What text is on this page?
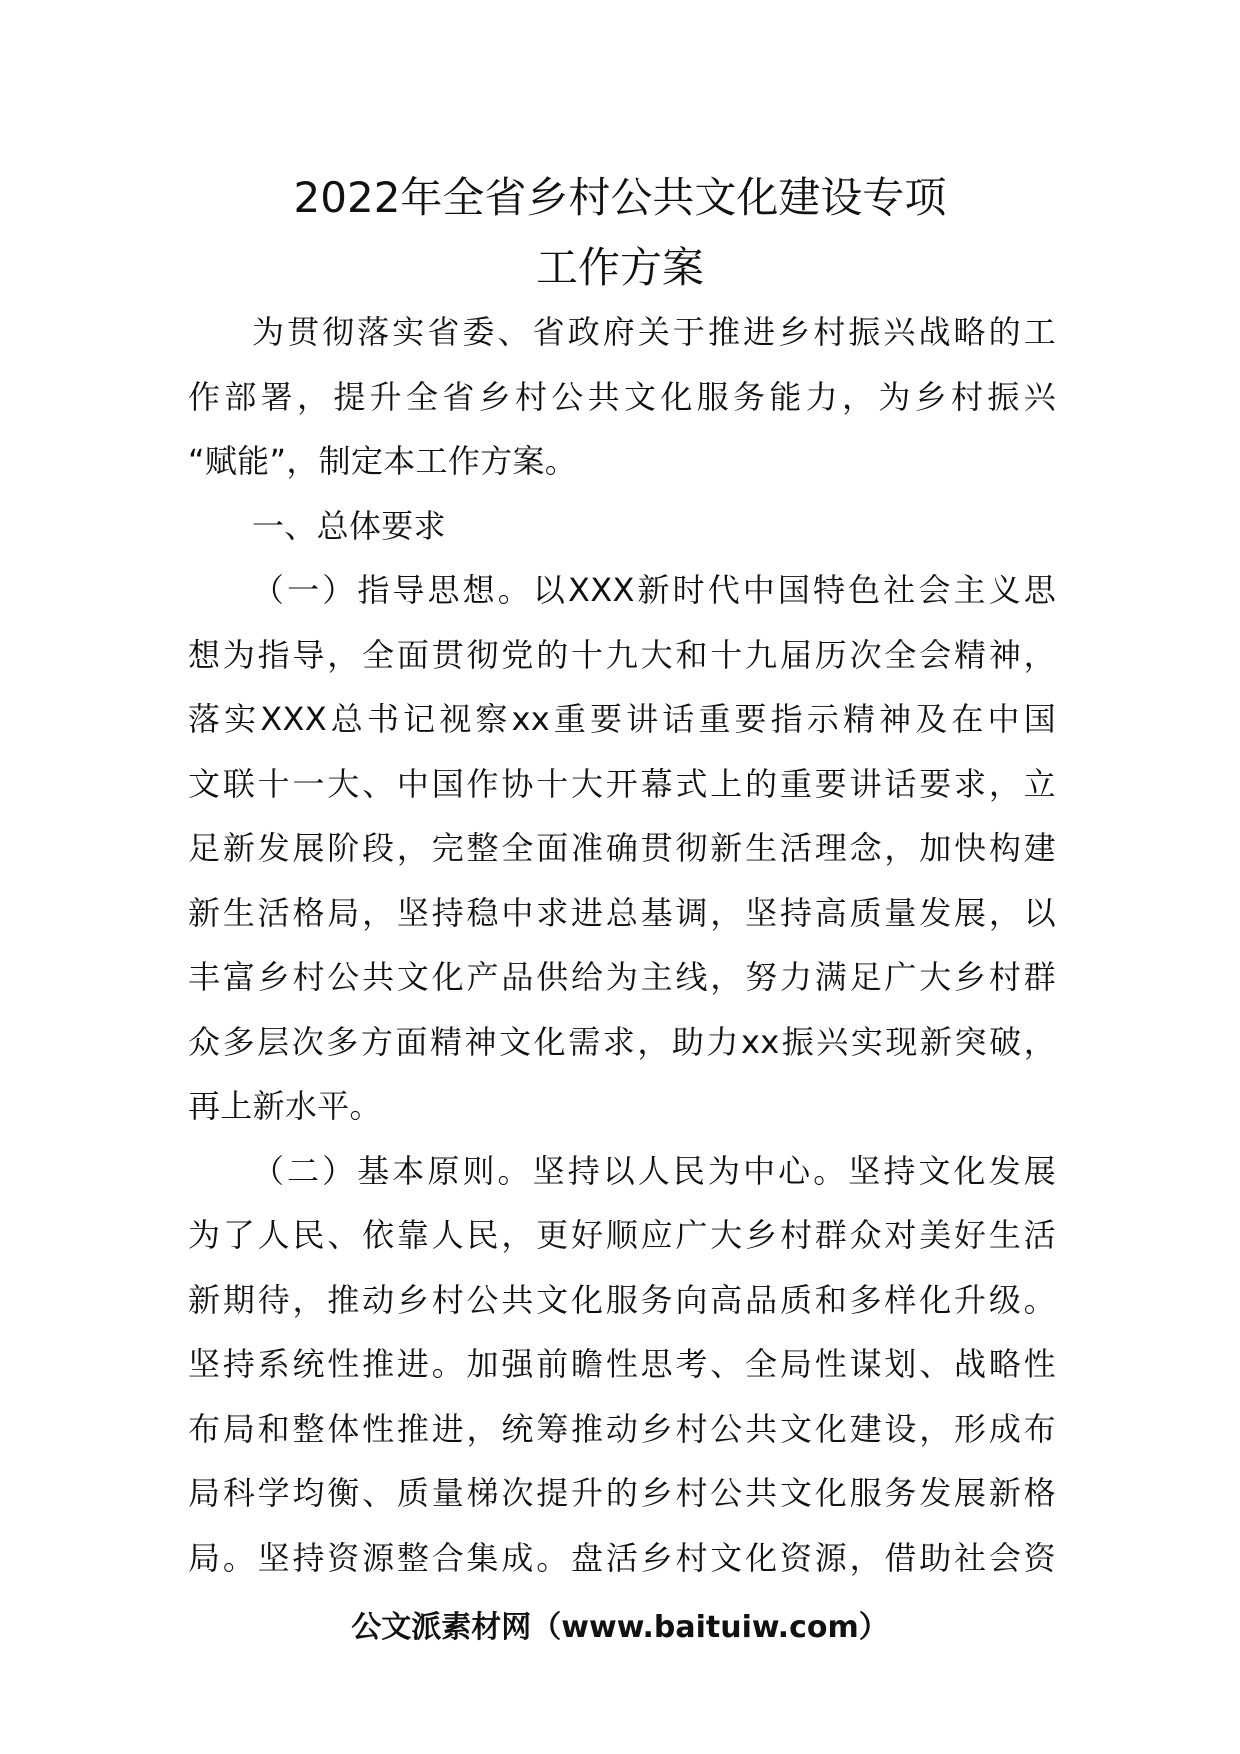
2022年全省乡村公共文化建设专项
工作方案
为贯彻落实省委、省政府关于推进乡村振兴战略的工
作部署，提升全省乡村公共文化服务能力，为乡村振兴
“赋能”，制定本工作方案。
一、总体要求
（一）指导思想。以XXX新时代中国特色社会主义思
想为指导，全面贯彻党的十九大和十九届历次全会精神，
落实XXX总书记视察xx重要讲话重要指示精神及在中国
文联十一大、中国作协十大开幕式上的重要讲话要求，立
足新发展阶段，完整全面准确贯彻新生活理念，加快构建
新生活格局，坚持稳中求进总基调，坚持高质量发展，以
丰富乡村公共文化产品供给为主线，努力满足广大乡村群
众多层次多方面精神文化需求，助力xx振兴实现新突破，
再上新水平。
（二）基本原则。坚持以人民为中心。坚持文化发展
为了人民、依靠人民，更好顺应广大乡村群众对美好生活
新期待，推动乡村公共文化服务向高品质和多样化升级。
坚持系统性推进。加强前瞻性思考、全局性谋划、战略性
布局和整体性推进，统筹推动乡村公共文化建设，形成布
局科学均衡、质量梯次提升的乡村公共文化服务发展新格
局。坚持资源整合集成。盘活乡村文化资源，借助社会资
公文派素材网（www.baituiw.com）
